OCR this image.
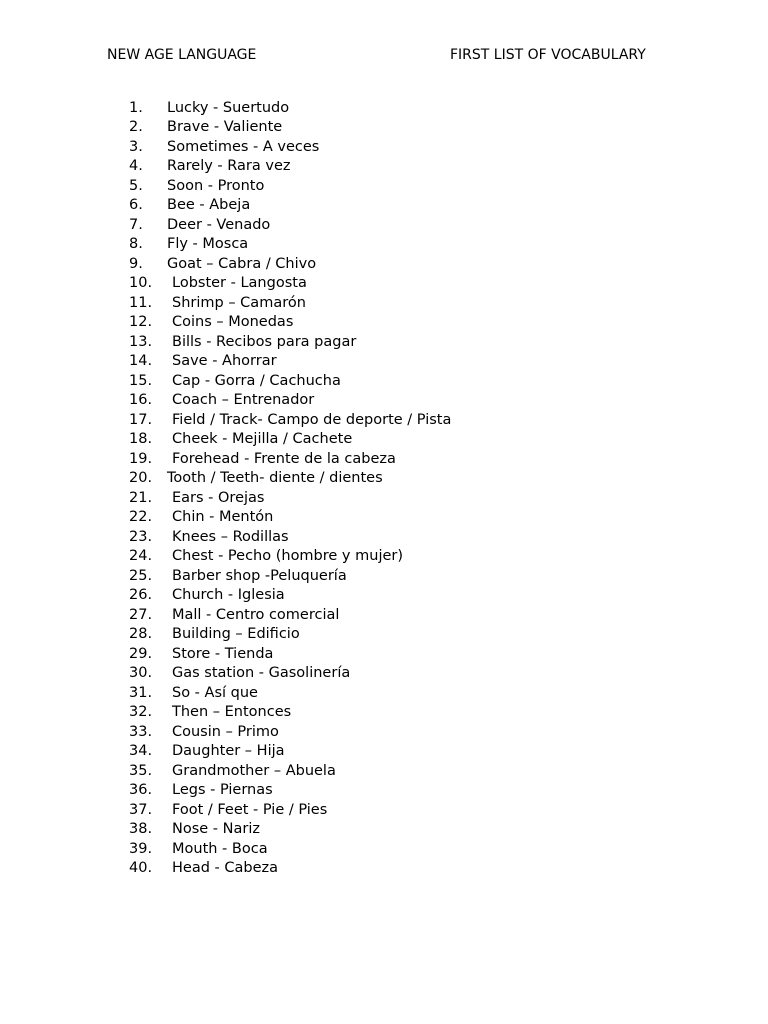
NEW AGE LANGUAGE	FIRST LIST OF VOCABULARY
1. Lucky - Suertudo
2. Brave - Valiente
3. Sometimes - A veces
4. Rarely - Rara vez
5. Soon - Pronto
6. Bee - Abeja
7. Deer - Venado
8. Fly - Mosca
9. Goat – Cabra / Chivo
10. Lobster - Langosta
11. Shrimp – Camarón
12. Coins – Monedas
13. Bills - Recibos para pagar
14. Save - Ahorrar
15. Cap - Gorra / Cachucha
16. Coach – Entrenador
17. Field / Track- Campo de deporte / Pista
18. Cheek - Mejilla / Cachete
19. Forehead - Frente de la cabeza
20. Tooth / Teeth- diente / dientes
21. Ears - Orejas
22. Chin - Mentón
23. Knees – Rodillas
24. Chest - Pecho (hombre y mujer)
25. Barber shop -Peluquería
26. Church - Iglesia
27. Mall - Centro comercial
28. Building – Edificio
29. Store - Tienda
30. Gas station - Gasolinería
31. So - Así que
32. Then – Entonces
33. Cousin – Primo
34. Daughter – Hija
35. Grandmother – Abuela
36. Legs - Piernas
37. Foot / Feet - Pie / Pies
38. Nose - Nariz
39. Mouth - Boca
40. Head - Cabeza
